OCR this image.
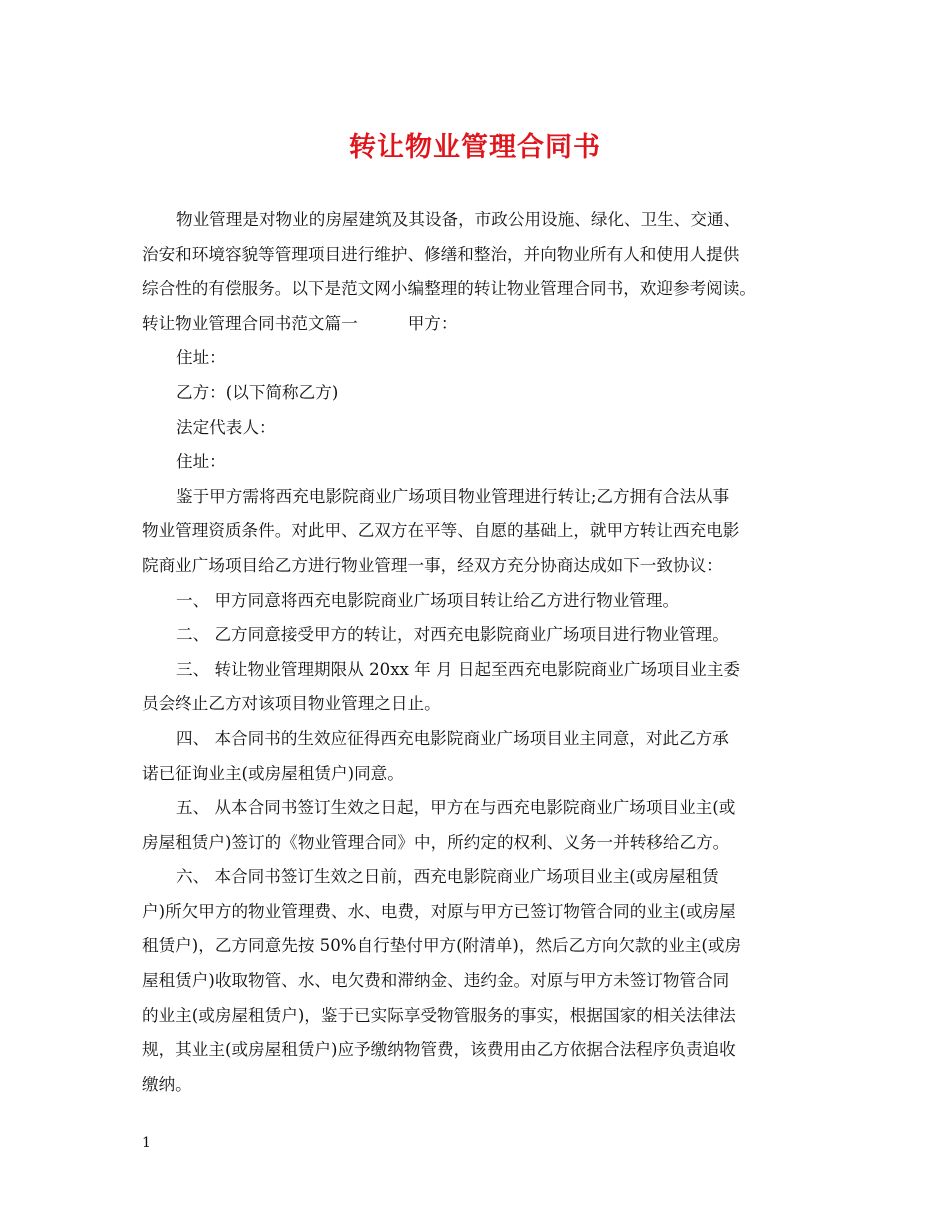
转让物业管理合同书
物业管理是对物业的房屋建筑及其设备，市政公用设施、绿化、卫生、交通、
治安和环境容貌等管理项目进行维护、修缮和整治，并向物业所有人和使用人提供
综合性的有偿服务。以下是范文网小编整理的转让物业管理合同书，欢迎参考阅读。
转让物业管理合同书范文篇一	甲方：
住址：
乙方：(以下简称乙方)
法定代表人：
住址：
鉴于甲方需将西充电影院商业广场项目物业管理进行转让;乙方拥有合法从事
物业管理资质条件。对此甲、乙双方在平等、自愿的基础上，就甲方转让西充电影
院商业广场项目给乙方进行物业管理一事，经双方充分协商达成如下一致协议：
一、 甲方同意将西充电影院商业广场项目转让给乙方进行物业管理。
二、 乙方同意接受甲方的转让，对西充电影院商业广场项目进行物业管理。
三、 转让物业管理期限从 20xx 年 月 日起至西充电影院商业广场项目业主委
员会终止乙方对该项目物业管理之日止。
四、 本合同书的生效应征得西充电影院商业广场项目业主同意，对此乙方承
诺已征询业主(或房屋租赁户)同意。
五、 从本合同书签订生效之日起，甲方在与西充电影院商业广场项目业主(或
房屋租赁户)签订的《物业管理合同》中，所约定的权利、义务一并转移给乙方。
六、 本合同书签订生效之日前，西充电影院商业广场项目业主(或房屋租赁
户)所欠甲方的物业管理费、水、电费，对原与甲方已签订物管合同的业主(或房屋
租赁户)，乙方同意先按 50%自行垫付甲方(附清单)，然后乙方向欠款的业主(或房
屋租赁户)收取物管、水、电欠费和滞纳金、违约金。对原与甲方未签订物管合同
的业主(或房屋租赁户)，鉴于已实际享受物管服务的事实，根据国家的相关法律法
规，其业主(或房屋租赁户)应予缴纳物管费，该费用由乙方依据合法程序负责追收
缴纳。
1
